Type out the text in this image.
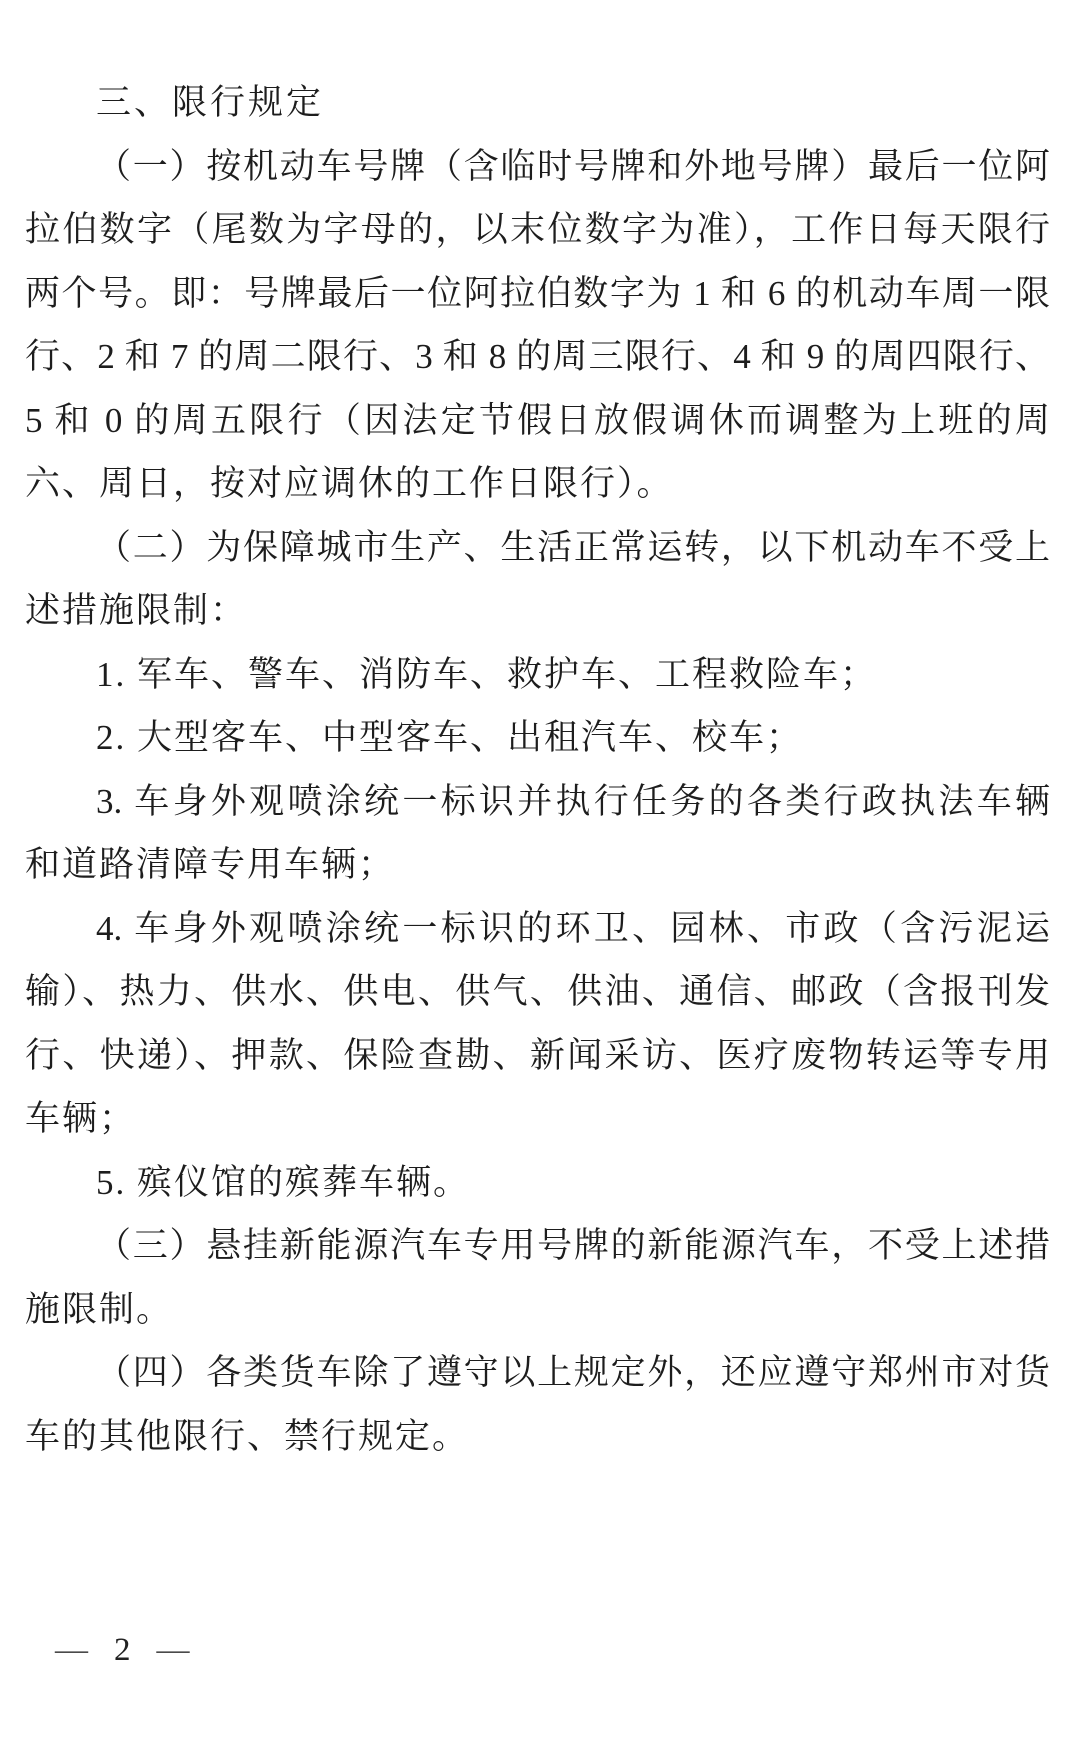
三、限行规定
（一）按机动车号牌（含临时号牌和外地号牌）最后一位阿
拉伯数字（尾数为字母的，以末位数字为准），工作日每天限行
两个号。即：号牌最后一位阿拉伯数字为 1 和 6 的机动车周一限
行、2 和 7 的周二限行、3 和 8 的周三限行、4 和 9 的周四限行、
5 和 0 的周五限行（因法定节假日放假调休而调整为上班的周
六、周日，按对应调休的工作日限行）。
（二）为保障城市生产、生活正常运转，以下机动车不受上
述措施限制：
1. 军车、警车、消防车、救护车、工程救险车；
2. 大型客车、中型客车、出租汽车、校车；
3. 车身外观喷涂统一标识并执行任务的各类行政执法车辆
和道路清障专用车辆；
4. 车身外观喷涂统一标识的环卫、园林、市政（含污泥运
输）、热力、供水、供电、供气、供油、通信、邮政（含报刊发
行、快递）、押款、保险查勘、新闻采访、医疗废物转运等专用
车辆；
5. 殡仪馆的殡葬车辆。
（三）悬挂新能源汽车专用号牌的新能源汽车，不受上述措
施限制。
（四）各类货车除了遵守以上规定外，还应遵守郑州市对货
车的其他限行、禁行规定。
— 2 —
